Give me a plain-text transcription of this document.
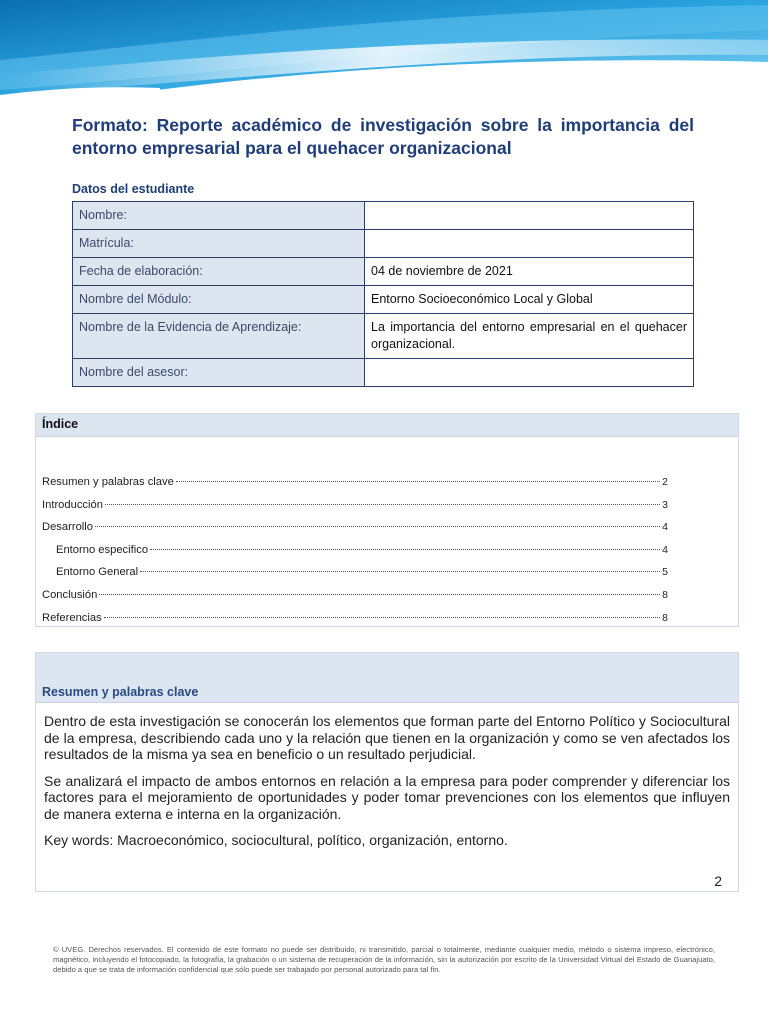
Formato: Reporte académico de investigación sobre la importancia del entorno empresarial para el quehacer organizacional
Datos del estudiante
Nombre:	
Matrícula:	
Fecha de elaboración:	04 de noviembre de 2021
Nombre del Módulo:	Entorno Socioeconómico Local y Global
Nombre de la Evidencia de Aprendizaje:	La importancia del entorno empresarial en el quehacer organizacional.
Nombre del asesor:	
Índice
Resumen y palabras clave	2
Introducción	3
Desarrollo	4
Entorno especifico	4
Entorno General	5
Conclusión	8
Referencias	8
Resumen y palabras clave

Dentro de esta investigación se conocerán los elementos que forman parte del Entorno Político y Sociocultural de la empresa, describiendo cada uno y la relación que tienen en la organización y como se ven afectados los resultados de la misma ya sea en beneficio o un resultado perjudicial.

Se analizará el impacto de ambos entornos en relación a la empresa para poder comprender y diferenciar los factores para el mejoramiento de oportunidades y poder tomar prevenciones con los elementos que influyen de manera externa e interna en la organización.

Key words: Macroeconómico, sociocultural, político, organización, entorno.

2
© UVEG. Derechos reservados. El contenido de este formato no puede ser distribuido, ni transmitido, parcial o totalmente, mediante cualquier medio, método o sistema impreso, electrónico, magnético, incluyendo el fotocopiado, la fotografía, la grabación o un sistema de recuperación de la información, sin la autorización por escrito de la Universidad Virtual del Estado de Guanajuato, debido a que se trata de información confidencial que sólo puede ser trabajado por personal autorizado para tal fin.
